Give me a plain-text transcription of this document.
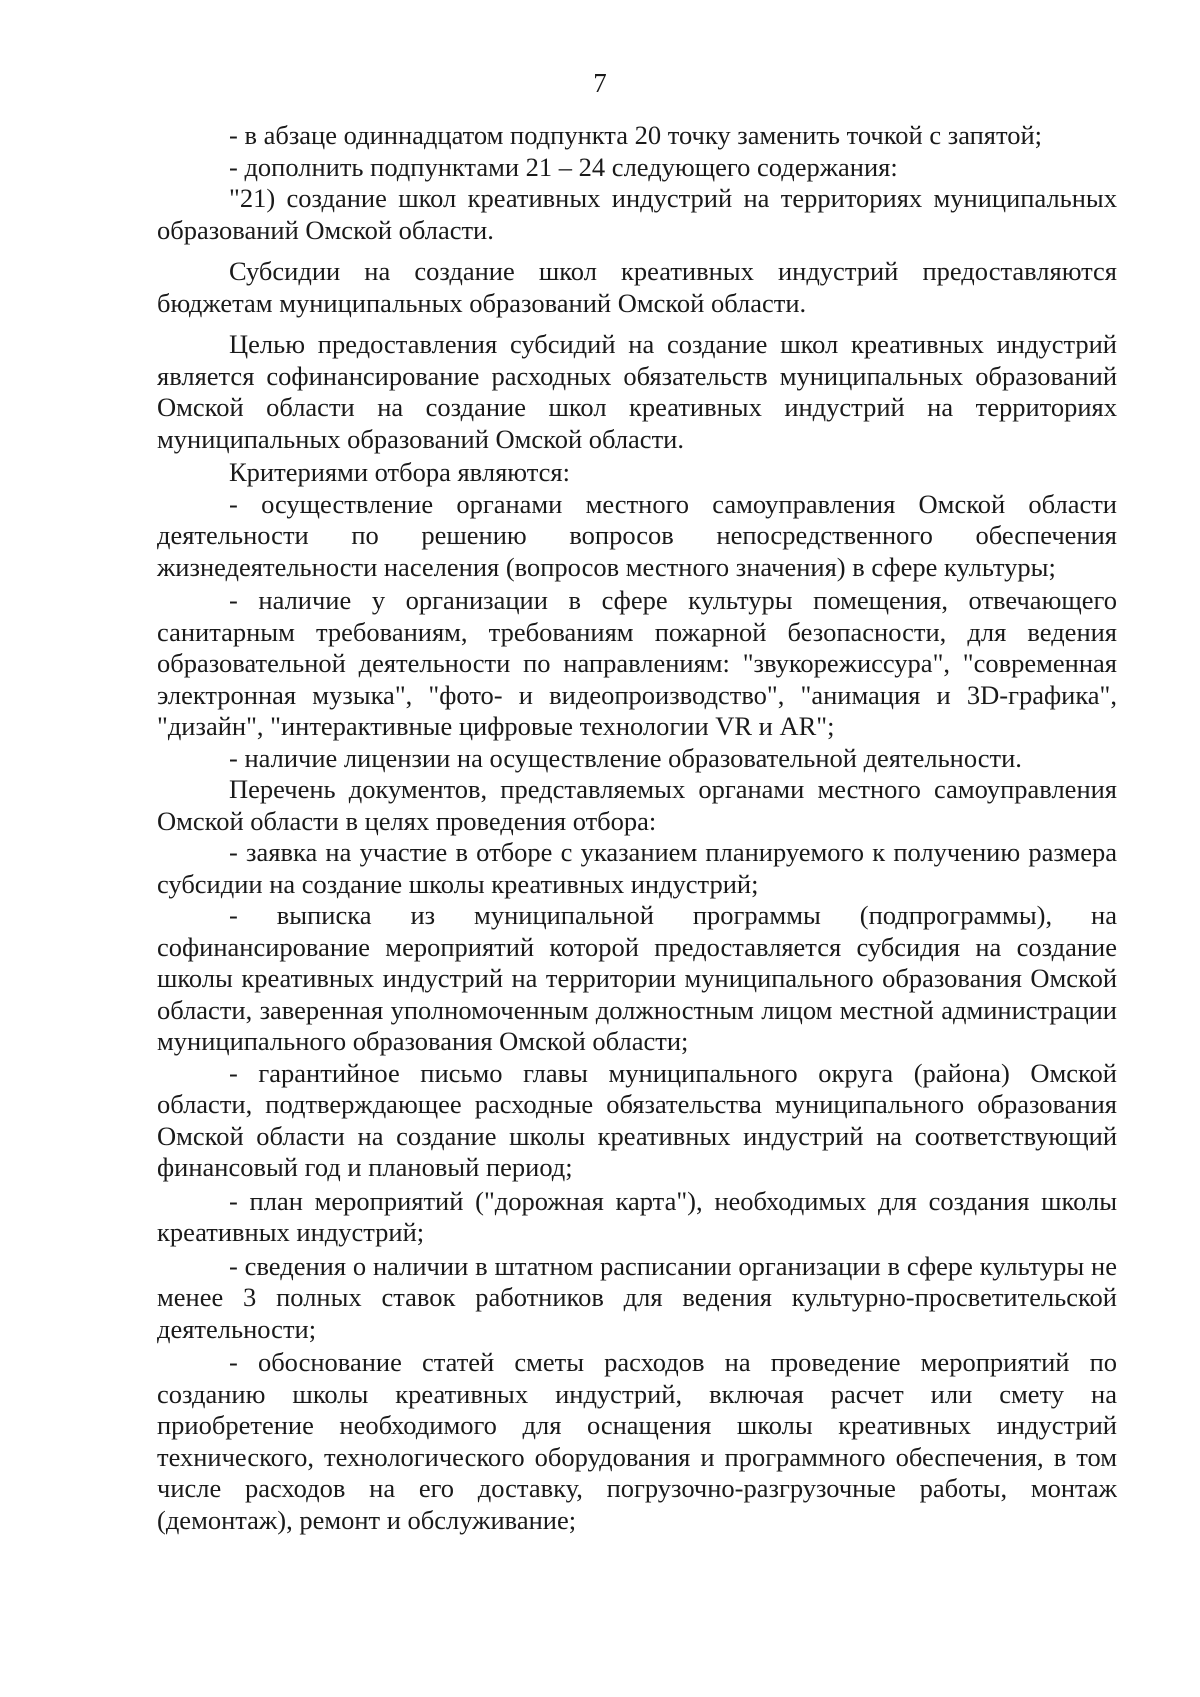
7

- в абзаце одиннадцатом подпункта 20 точку заменить точкой с запятой;

- дополнить подпунктами 21 – 24 следующего содержания:

"21) создание школ креативных индустрий на территориях муниципальных образований Омской области.

Субсидии на создание школ креативных индустрий предоставляются бюджетам муниципальных образований Омской области.

Целью предоставления субсидий на создание школ креативных индустрий является софинансирование расходных обязательств муниципальных образований Омской области на создание школ креативных индустрий на территориях муниципальных образований Омской области.

Критериями отбора являются:

- осуществление органами местного самоуправления Омской области деятельности по решению вопросов непосредственного обеспечения жизнедеятельности населения (вопросов местного значения) в сфере культуры;

- наличие у организации в сфере культуры помещения, отвечающего санитарным требованиям, требованиям пожарной безопасности, для ведения образовательной деятельности по направлениям: "звукорежиссура", "современная электронная музыка", "фото- и видеопроизводство", "анимация и 3D-графика", "дизайн", "интерактивные цифровые технологии VR и AR";

- наличие лицензии на осуществление образовательной деятельности.

Перечень документов, представляемых органами местного самоуправления Омской области в целях проведения отбора:

- заявка на участие в отборе с указанием планируемого к получению размера субсидии на создание школы креативных индустрий;

- выписка из муниципальной программы (подпрограммы), на софинансирование мероприятий которой предоставляется субсидия на создание школы креативных индустрий на территории муниципального образования Омской области, заверенная уполномоченным должностным лицом местной администрации муниципального образования Омской области;

- гарантийное письмо главы муниципального округа (района) Омской области, подтверждающее расходные обязательства муниципального образования Омской области на создание школы креативных индустрий на соответствующий финансовый год и плановый период;

- план мероприятий ("дорожная карта"), необходимых для создания школы креативных индустрий;

- сведения о наличии в штатном расписании организации в сфере культуры не менее 3 полных ставок работников для ведения культурно-просветительской деятельности;

- обоснование статей сметы расходов на проведение мероприятий по созданию школы креативных индустрий, включая расчет или смету на приобретение необходимого для оснащения школы креативных индустрий технического, технологического оборудования и программного обеспечения, в том числе расходов на его доставку, погрузочно-разгрузочные работы, монтаж (демонтаж), ремонт и обслуживание;
